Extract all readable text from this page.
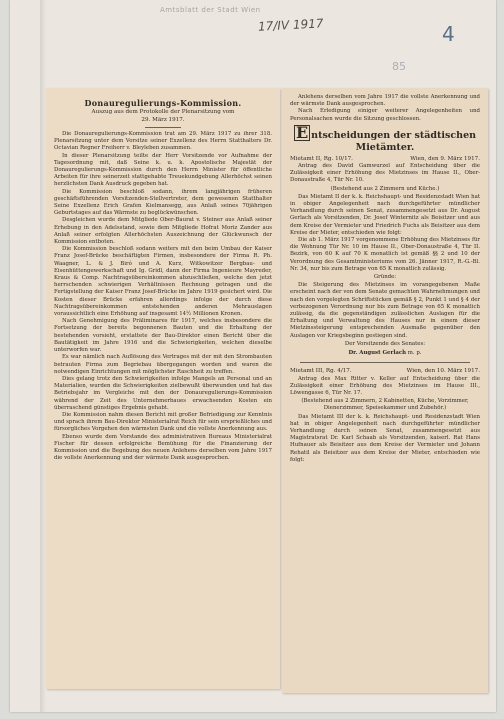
Amtsblatt der Stadt Wien
17/IV 1917	4
85
Donauregulierungs-Kommission.
Auszug aus dem Protokolle der Plenarsitzung vom
29. März 1917.

Die Donauregulierungs-Kommission trat am 29. März 1917 zu ihrer 318. Plenarsitzung unter dem Vorsitze seiner Exzellenz des Herrn Statthalters Dr. Octavian Regner Freiherr v. Bleyleben zusammen.

In dieser Plenarsitzung teilte der Herr Vorsitzende vor Aufnahme der Tagesordnung mit, daß Seine k. u. k. Apostolische Majestät der Donauregulierungs-Kommission durch den Herrn Minister für öffentliche Arbeiten für ihre seinerzeit stattgehabte Treuekundgebung Allerhöchst seinen herzlichsten Dank Ausdruck gegeben hat.

Die Kommission beschloß sodann, ihrem langjährigen früheren geschäftsführenden Vorsitzenden-Stellvertreter, dem gewesenen Statthalter Seine Exzellenz Erich Grafen Kielmansegg, aus Anlaß seines 70jährigen Geburtstages auf das Wärmste zu beglückwünschen.

Desgleichen wurde dem Mitgliede Ober-Baurat v. Steiner aus Anlaß seiner Erhebung in den Adelsstand, sowie dem Mitgliede Hofrat Moriz Zander aus Anlaß seiner erfolgten Allerhöchsten Auszeichnung der Glückwunsch der Kommission entboten.

Die Kommission beschloß sodann weiters mit den beim Umbau der Kaiser Franz Josef-Brücke beschäftigten Firmen, insbesondere der Firma R. Ph. Waagner, L. & J. Biró und A. Kurz, Witkowitzer Bergbau- und Eisenhüttengewerkschaft und Ig. Gridl, dann der Firma Ingenieure Mayreder, Kraus & Comp. Nachtragsübereinkommen abzuschließen, welche den jetzt herrschenden schwierigen Verhältnissen Rechnung getragen und die Fertigstellung der Kaiser Franz Josef-Brücke im Jahre 1919 gesichert wird. Die Kosten dieser Brücke erfahren allerdings infolge der durch diese Nachtragsübereinkommen entstehenden anderen Mehrauslagen voraussichtlich eine Erhöhung auf insgesamt 14½ Millionen Kronen.

Nach Genehmigung des Präliminares für 1917, welches insbesondere die Fortsetzung der bereits begonnenen Bauten und die Erhaltung der bestehenden vorsieht, erstattete der Bau-Direktor einen Bericht über die Bautätigkeit im Jahre 1916 und die Schwierigkeiten, welchen dieselbe unterworfen war.

Es war nämlich nach Auflösung des Vertrages mit der mit den Strombauten betrauten Firma zum Begriebau übergegangen worden und waren die notwendigen Einrichtungen mit möglichster Raschheit zu treffen.

Dies gelang trotz den Schwierigkeiten infolge Mangels an Personal und an Materialien, wurden die Schwierigkeiten zielbewußt überwunden und hat das Betriebsjahr im Vergleiche mit den der Donauregulierungs-Kommission während der Zeit des Unternehmerbaues erwachsenden Kosten ein überraschend günstiges Ergebnis gehabt.

Die Kommission nahm diesen Bericht mit großer Befriedigung zur Kenntnis und sprach ihrem Bau-Direktor Ministerialrat Reich für sein ersprießliches und fürsorgliches Vorgehen den wärmsten Dank und die vollste Anerkennung aus.

Ebenso wurde dem Vorstande des administrativen Bureaus Ministerialrat Fischer für dessen erfolgreiche Bemühung für die Finanzierung der Kommission und die Begebung des neuen Anlehens derselben vom Jahre 1917 die vollste Anerkennung und der wärmste Dank ausgesprochen.

Anlehens derselben vom Jahre 1917 die vollste Anerkennung und der wärmste Dank ausgesprochen.

Nach Erledigung einiger weiterer Angelegenheiten und Personalsachen wurde die Sitzung geschlossen.

E ntscheidungen der städtischen Mietämter.
Mietamt II, Rg. 10/17.	Wien, den 9. März 1917.

Antrag des David Gamwurzel auf Entscheidung über die Zulässigkeit einer Erhöhung des Mietzinses im Hause II., Ober-Donaustraße 4, Tür Nr. 10.

(Bestehend aus 2 Zimmern und Küche.)

Das Mietamt II der k. k. Reichshaupt- und Residenzstadt Wien hat in obiger Angelegenheit nach durchgeführter mündlicher Verhandlung durch seinen Senat, zusammengesetzt aus Dr. August Gerlach als Vorsitzenden, Dr. Josef Winternitz als Beisitzer und aus dem Kreise der Vermieter und Friedrich Fuchs als Beisitzer aus dem Kreise der Mieter, entschieden wie folgt:

Die ab 1. März 1917 vorgenommene Erhöhung des Mietzinses für die Wohnung Tür Nr. 10 im Hause II., Ober-Donaustraße 4, Tür II. Bezirk, von 60 K auf 70 K monatlich ist gemäß §§ 2 und 10 der Verordnung des Gesamtministeriums vom 26. Jänner 1917, R.-G.-Bl. Nr. 34, nur bis zum Betrage von 65 K monatlich zulässig.

Gründe:

Die Steigerung des Mietzinses im vorangegebenen Maße erscheint nach der von dem Senate gemachten Wahrnehmungen und nach den vorgelegten Schriftstücken gemäß § 2, Punkt 1 und § 4 der verbezogenen Verordnung nur bis zum Betrage von 65 K monatlich zulässig, da die gegenständigen zulässlichen Auslagen für die Erhaltung und Verwaltung des Hauses nur in einem dieser Mietzinssteigerung entsprechenden Ausmaße gegenüber den Auslagen vor Kriegsbeginn gestiegen sind.

Der Vorsitzende des Senates:

Dr. August Gerlach m. p.

Mietamt III, Rg. 4/17.	Wien, den 10. März 1917.

Antrag des Max Ritter v. Keller auf Entscheidung über die Zulässigkeit einer Erhöhung des Mietzinses im Hause III., Löwengasse 6, Tür Nr. 17.

(Bestehend aus 2 Zimmern, 2 Kabinetten, Küche, Vorzimmer, Dienerzimmer, Speisekammer und Zubehör.)

Das Mietamt III der k. k. Reichshaupt- und Residenzstadt Wien hat in obiger Angelegenheit nach durchgeführter mündlicher Verhandlung durch seinen Senat, zusammengesetzt aus Magistratsrat Dr. Karl Schaab als Vorsitzenden, kaiserl. Rat Hans Hufnauer als Beisitzer aus dem Kreise der Vermieter und Johann Rehatil als Beisitzer aus dem Kreise der Mieter, entschieden wie folgt:
